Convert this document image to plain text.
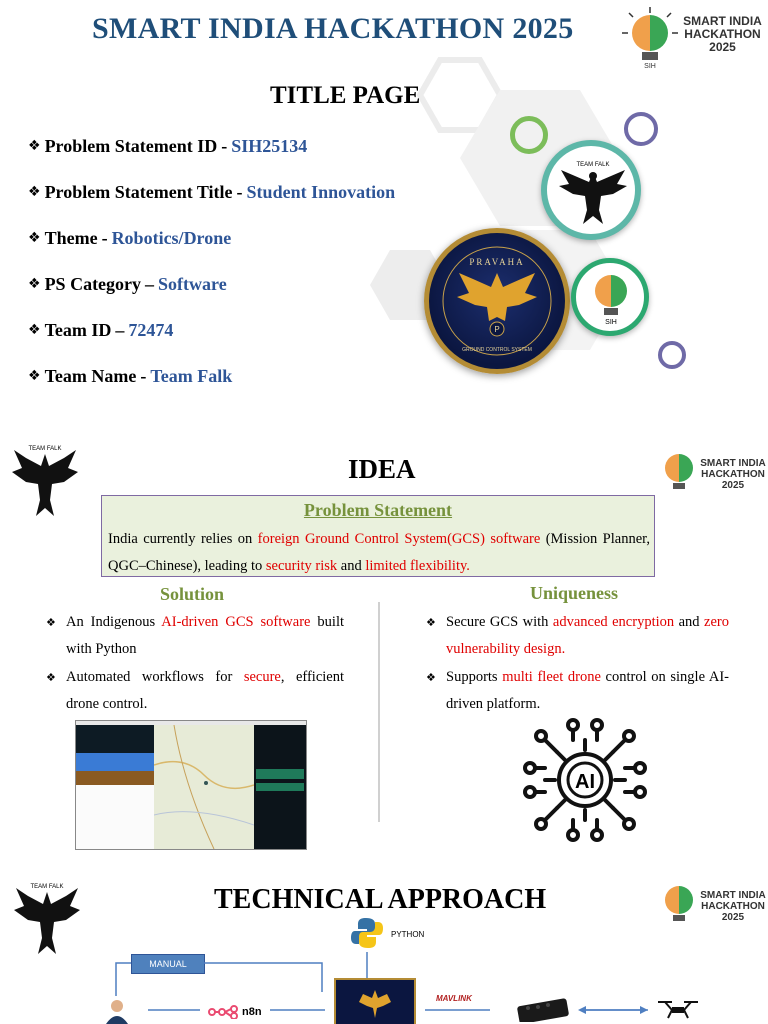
SMART INDIA HACKATHON 2025
SIH
SMART INDIA
HACKATHON
2025
TITLE PAGE
❖ Problem Statement ID - SIH25134
❖ Problem Statement Title - Student Innovation
❖ Theme - Robotics/Drone
❖ PS Category – Software
❖ Team ID – 72474
❖ Team Name - Team Falk
TEAM FALK
PRAVAHA
P
GROUND CONTROL SYSTEM
SIH
TEAM FALK
IDEA	SMART INDIA
HACKATHON
2025
Problem Statement
India currently relies on foreign Ground Control System(GCS) software (Mission Planner, QGC–Chinese), leading to security risk and limited flexibility.
Solution	Uniqueness
❖ An Indigenous AI-driven GCS software built with Python
❖ Automated workflows for secure, efficient drone control.
❖ Secure GCS with advanced encryption and zero vulnerability design.
❖ Supports multi fleet drone control on single AI-driven platform.
AI
TEAM FALK	TECHNICAL APPROACH	SMART INDIA
HACKATHON
2025
PYTHON
MANUAL
n8n
MAVLINK
